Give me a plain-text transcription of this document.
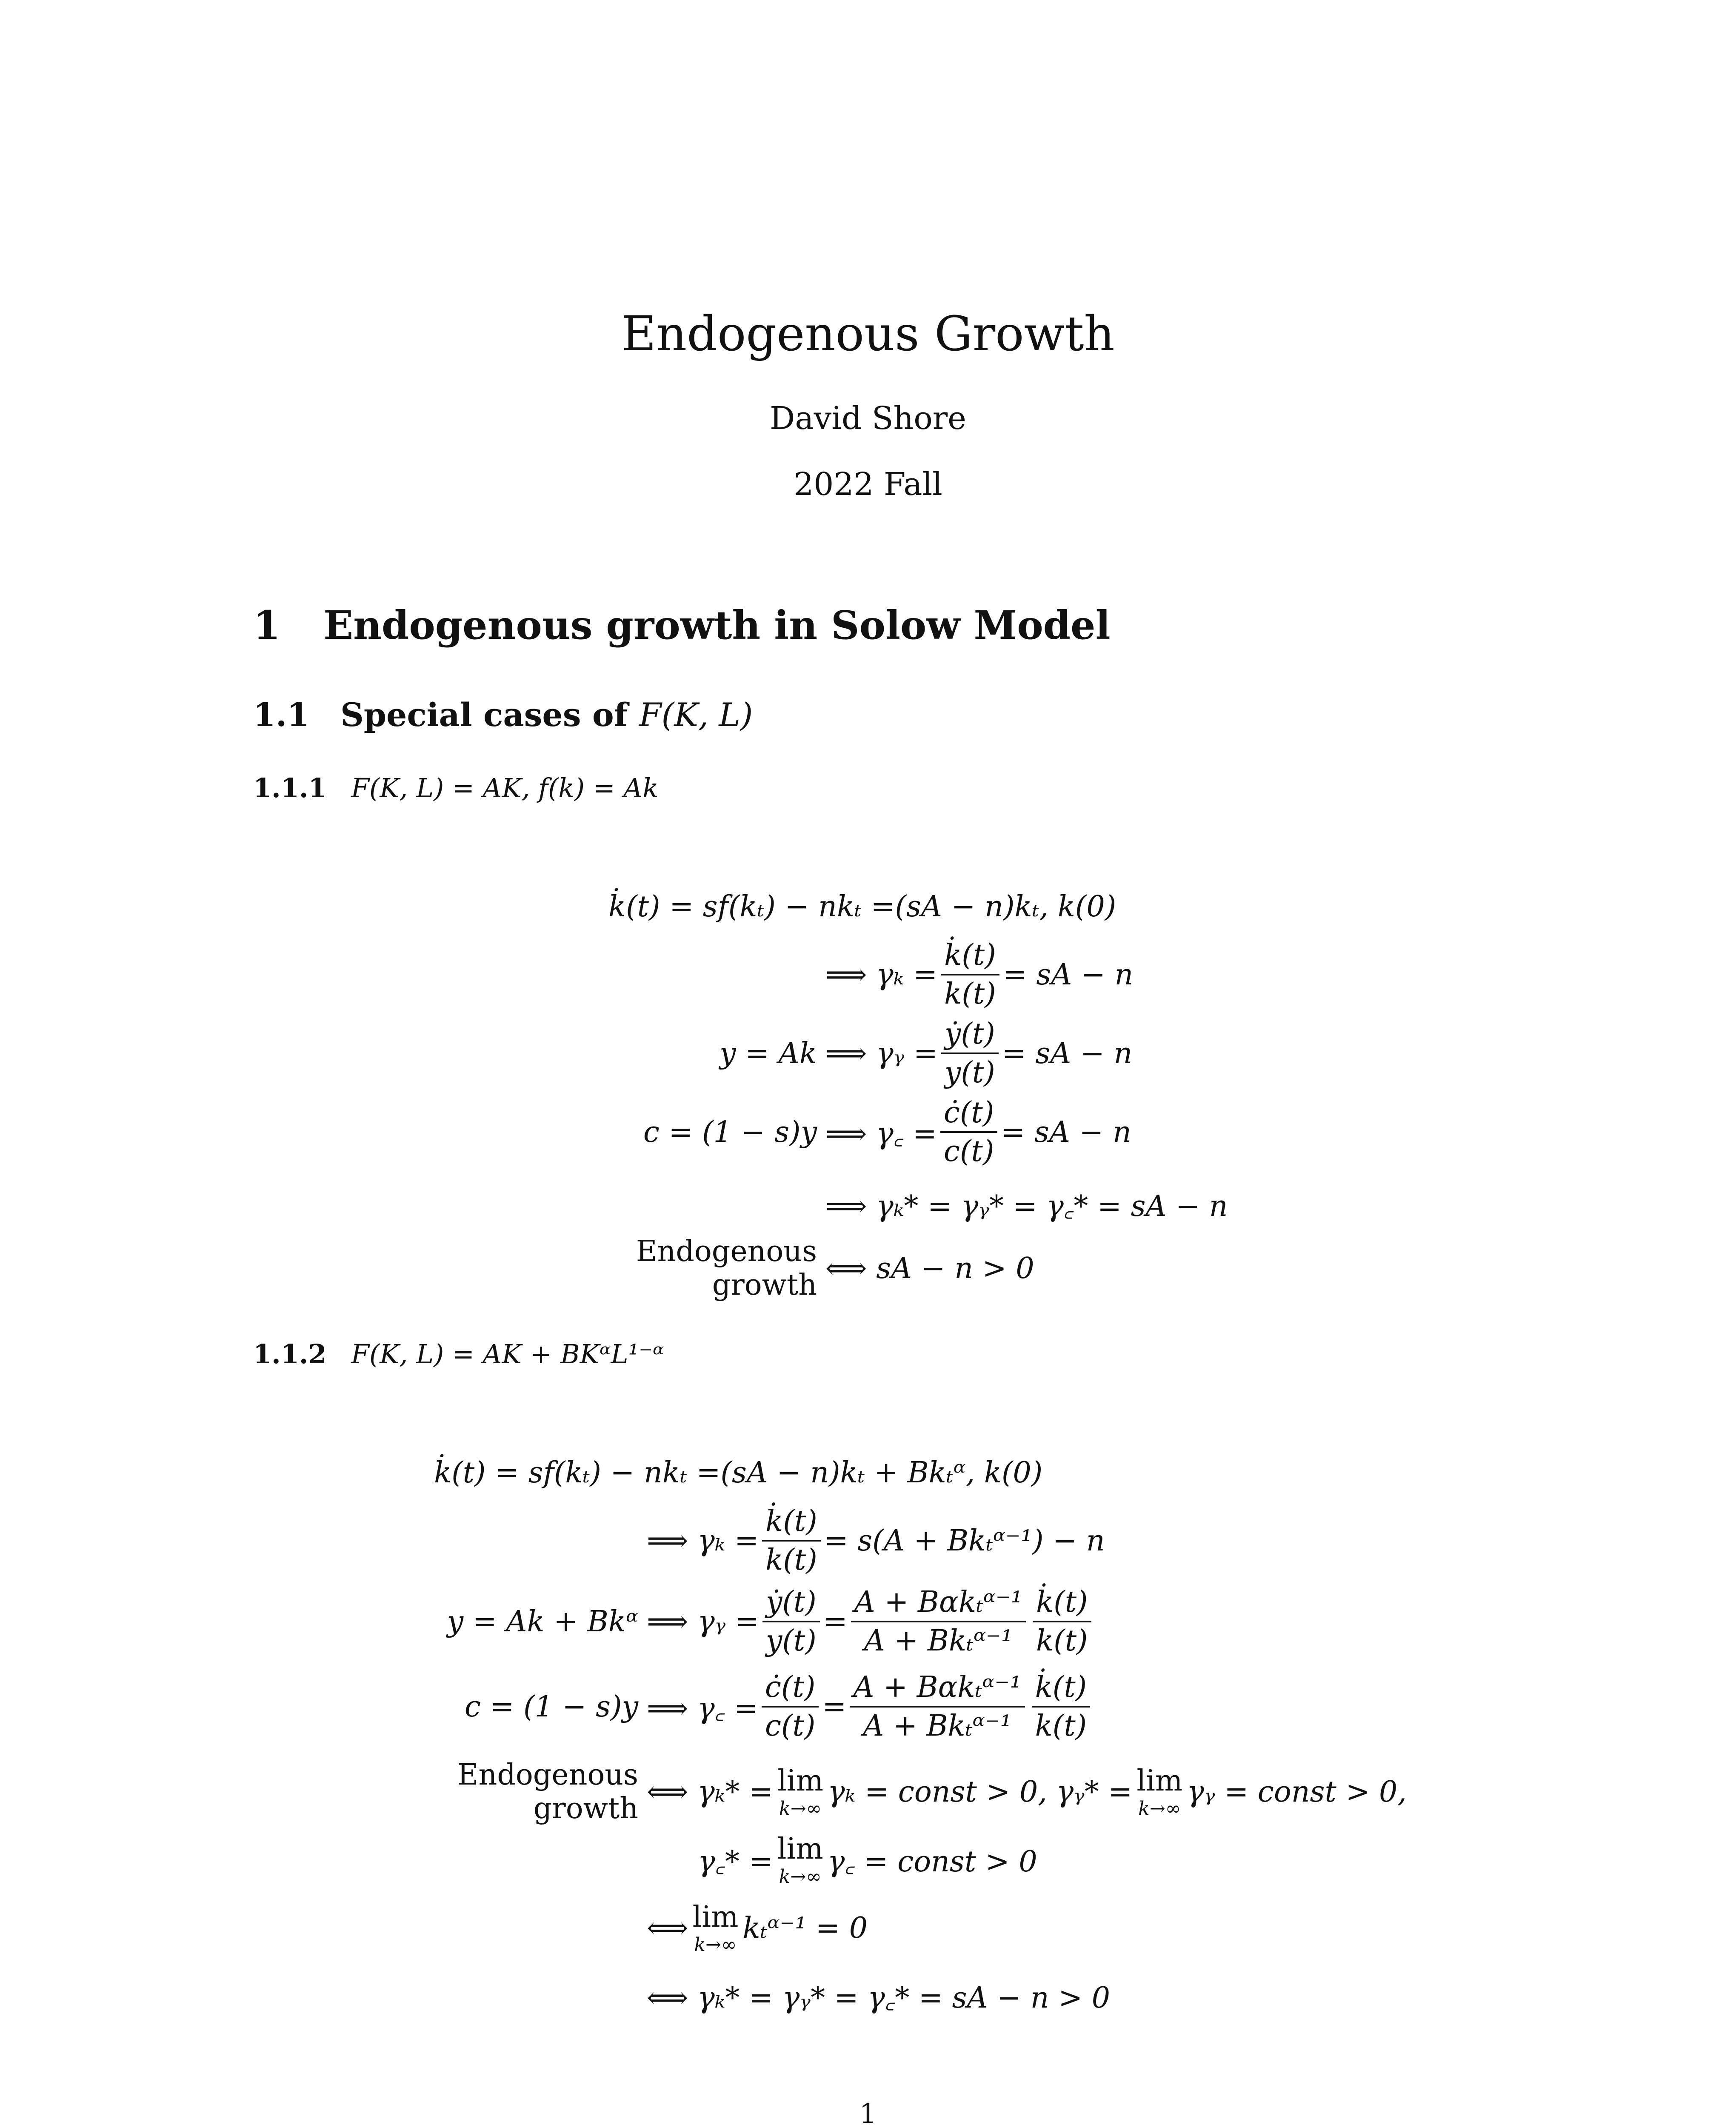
Endogenous Growth
David Shore
2022 Fall
1 Endogenous growth in Solow Model
1.1 Special cases of F(K, L)
1.1.1 F(K, L) = AK, f(k) = Ak
k̇(t) = sf(kₜ) − nkₜ =(sA − n)kₜ, k(0)
⟹ $\gamma_k = \frac{k̇(t)}{k(t)}$ = sA − n
y = Ak ⟹ γᵧ = $\frac{\text{ẏ(t)}}{y(t)}$ = sA − n
c = (1 − s)y ⟹ γ꜀ = $\frac{ċ(t)}{c(t)}$ = sA − n
⟹ γₖ* = γᵧ* = γ꜀* = sA − n
Endogenous growth ⟺ sA − n > 0
1.1.2 F(K, L) = AK + BKᵅL¹⁻ᵅ
k̇(t) = sf(kₜ) − nkₜ =(sA − n)kₜ + Bkₜᵅ, k(0)
⟹ $\gamma_k = \frac{k̇(t)}{k(t)} = s(A$ + Bkₜᵅ⁻¹) − n
y = Ak + Bkᵅ ⟹ γᵧ = $\frac{\text{ẏ(t)}}{y(t)} = \frac{\text{A + Bαkₜᵅ⁻¹}}{\text{A + Bkₜᵅ⁻¹}} \frac{k̇(t)}{k(t)}$
c = (1 − s)y ⟹ γ꜀ = $\frac{ċ(t)}{c(t)} = \frac{\text{A + Bαkₜᵅ⁻¹}}{\text{A + Bkₜᵅ⁻¹}} \frac{k̇(t)}{k(t)}$
Endogenous growth ⟺ γₖ* = lim
k→∞ γₖ = const > 0, γᵧ* = lim
k→∞ γᵧ = const > 0,
γ꜀* = lim
k→∞ γ꜀ = const > 0
⟺ lim
k→∞ kₜᵅ⁻¹ = 0
⟺ γₖ* = γᵧ* = γ꜀* = sA − n > 0
1
